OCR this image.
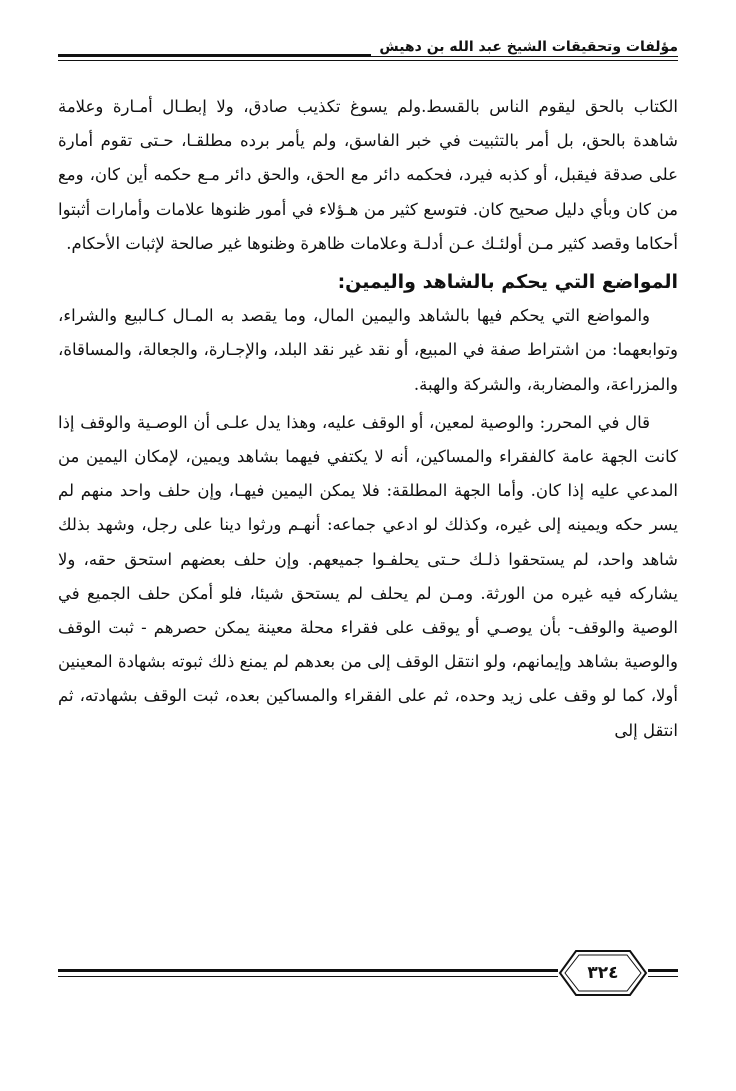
مؤلفات وتحقيقات الشيخ عبد الله بن دهيش

الكتاب بالحق ليقوم الناس بالقسط.ولم يسوغ تكذيب صادق، ولا إبطـال أمـارة وعلامة شاهدة بالحق، بل أمر بالتثبيت في خبر الفاسق، ولم يأمر برده مطلقـا، حـتى تقوم أمارة على صدقة فيقبل، أو كذبه فيرد، فحكمه دائر مع الحق، والحق دائر مـع حكمه أين كان، ومع من كان وبأي دليل صحيح كان. فتوسع كثير من هـؤلاء في أمور ظنوها علامات وأمارات أثبتوا أحكاما وقصد كثير مـن أولئـك عـن أدلـة وعلامات ظاهرة وظنوها غير صالحة لإثبات الأحكام.

المواضع التي يحكم بالشاهد واليمين:

والمواضع التي يحكم فيها بالشاهد واليمين المال، وما يقصد به المـال كـالبيع والشراء، وتوابعهما: من اشتراط صفة في المبيع، أو نقد غير نقد البلد، والإجـارة، والجعالة، والمساقاة، والمزراعة، والمضاربة، والشركة والهبة.

قال في المحرر: والوصية لمعين، أو الوقف عليه، وهذا يدل علـى أن الوصـية والوقف إذا كانت الجهة عامة كالفقراء والمساكين، أنه لا يكتفي فيهما بشاهد ويمين، لإمكان اليمين من المدعي عليه إذا كان. وأما الجهة المطلقة: فلا يمكن اليمين فيهـا، وإن حلف واحد منهم لم يسر حكه ويمينه إلى غيره، وكذلك لو ادعي جماعه: أنهـم ورثوا دينا على رجل، وشهد بذلك شاهد واحد، لم يستحقوا ذلـك حـتى يحلفـوا جميعهم. وإن حلف بعضهم استحق حقه، ولا يشاركه فيه غيره من الورثة. ومـن لم يحلف لم يستحق شيئا، فلو أمكن حلف الجميع في الوصية والوقف- بأن يوصـي أو يوقف على فقراء محلة معينة يمكن حصرهم - ثبت الوقف والوصية بشاهد وإيمانهم، ولو انتقل الوقف إلى من بعدهم لم يمنع ذلك ثبوته بشهادة المعينين أولا، كما لو وقف على زيد وحده، ثم على الفقراء والمساكين بعده، ثبت الوقف بشهادته، ثم انتقل إلى

٣٢٤
